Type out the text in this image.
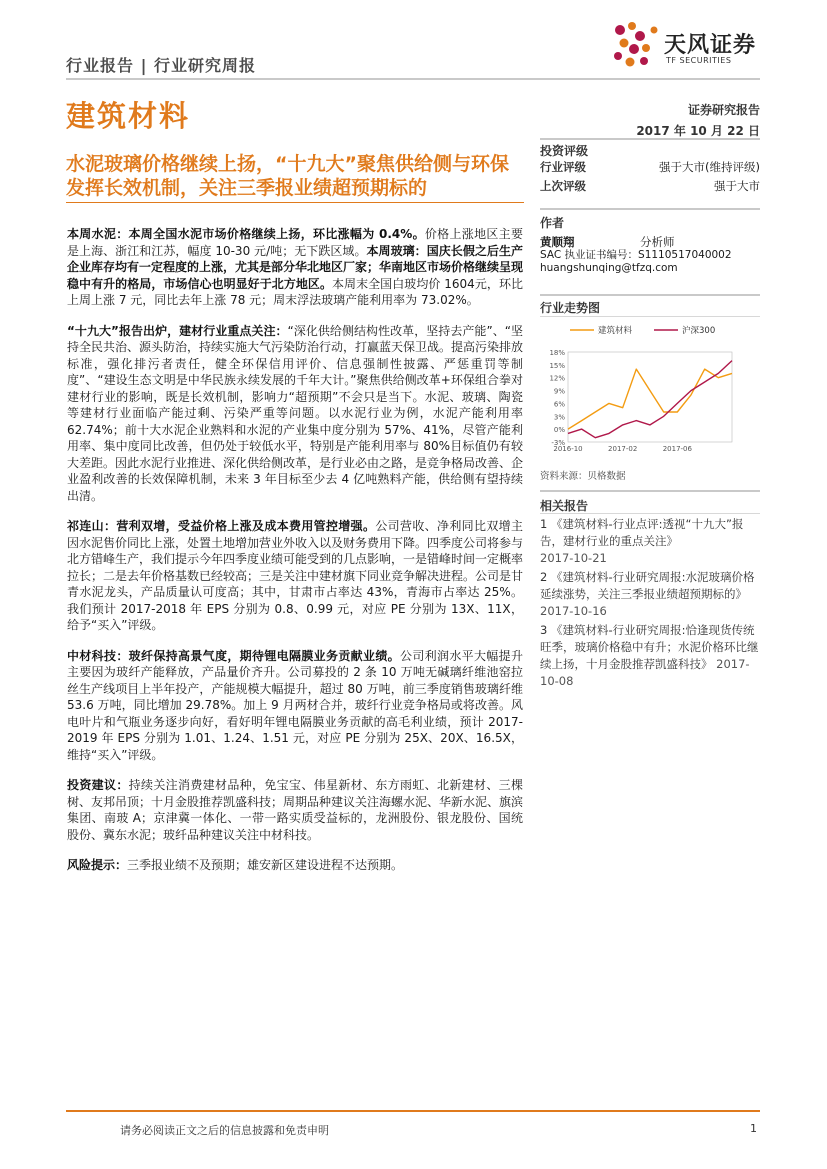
行业报告 | 行业研究周报
建筑材料
天风证券
TF SECURITIES
证券研究报告
2017 年 10 月 22 日
水泥玻璃价格继续上扬，“十九大”聚焦供给侧与环保发挥长效机制，关注三季报业绩超预期标的

本周水泥：本周全国水泥市场价格继续上扬，环比涨幅为 0.4%。价格上涨地区主要是上海、浙江和江苏，幅度 10-30 元/吨；无下跌区域。本周玻璃：国庆长假之后生产企业库存均有一定程度的上涨，尤其是部分华北地区厂家；华南地区市场价格继续呈现稳中有升的格局，市场信心也明显好于北方地区。本周末全国白玻均价 1604元，环比上周上涨 7 元，同比去年上涨 78 元；周末浮法玻璃产能利用率为 73.02%。

“十九大”报告出炉，建材行业重点关注：“深化供给侧结构性改革，坚持去产能”、“坚持全民共治、源头防治，持续实施大气污染防治行动，打赢蓝天保卫战。提高污染排放标准，强化排污者责任，健全环保信用评价、信息强制性披露、严惩重罚等制度”、“建设生态文明是中华民族永续发展的千年大计。”聚焦供给侧改革+环保组合拳对建材行业的影响，既是长效机制，影响力“超预期”不会只是当下。水泥、玻璃、陶瓷等建材行业面临产能过剩、污染严重等问题。以水泥行业为例，水泥产能利用率 62.74%；前十大水泥企业熟料和水泥的产业集中度分别为 57%、41%，尽管产能利用率、集中度同比改善，但仍处于较低水平，特别是产能利用率与 80%目标值仍有较大差距。因此水泥行业推进、深化供给侧改革，是行业必由之路，是竞争格局改善、企业盈利改善的长效保障机制，未来 3 年目标至少去 4 亿吨熟料产能，供给侧有望持续出清。

祁连山：营利双增，受益价格上涨及成本费用管控增强。公司营收、净利同比双增主因水泥售价同比上涨，处置土地增加营业外收入以及财务费用下降。四季度公司将参与北方错峰生产，我们提示今年四季度业绩可能受到的几点影响，一是错峰时间一定概率拉长；二是去年价格基数已经较高；三是关注中建材旗下同业竞争解决进程。公司是甘青水泥龙头，产品质量认可度高；其中，甘肃市占率达 43%，青海市占率达 25%。我们预计 2017-2018 年 EPS 分别为 0.8、0.99 元，对应 PE 分别为 13X、11X，给予“买入”评级。

中材科技：玻纤保持高景气度，期待锂电隔膜业务贡献业绩。公司利润水平大幅提升主要因为玻纤产能释放，产品量价齐升。公司募投的 2 条 10 万吨无碱璃纤维池窑拉丝生产线项目上半年投产，产能规模大幅提升，超过 80 万吨，前三季度销售玻璃纤维 53.6 万吨，同比增加 29.78%。加上 9 月两材合并，玻纤行业竞争格局或将改善。风电叶片和气瓶业务逐步向好，看好明年锂电隔膜业务贡献的高毛利业绩，预计 2017-2019 年 EPS 分别为 1.01、1.24、1.51 元，对应 PE 分别为 25X、20X、16.5X，维持“买入”评级。

投资建议：持续关注消费建材品种，免宝宝、伟星新材、东方雨虹、北新建材、三棵树、友邦吊顶；十月金股推荐凯盛科技；周期品种建议关注海螺水泥、华新水泥、旗滨集团、南玻 A；京津冀一体化、一带一路实质受益标的，龙洲股份、银龙股份、国统股份、冀东水泥；玻纤品种建议关注中材科技。

风险提示：三季报业绩不及预期；雄安新区建设进程不达预期。

投资评级
行业评级	强于大市(维持评级)
上次评级	强于大市
作者
黄顺翔	分析师
SAC 执业证书编号：S1110517040002
huangshunqing@tfzq.com
行业走势图
建筑材料	沪深300
18%
15%
12%
9%
6%
3%
0%
-3%
2016-10	2017-02	2017-06
资料来源：贝格数据
相关报告
1 《建筑材料-行业点评:透视“十九大”报告，建材行业的重点关注》
2017-10-21
2 《建筑材料-行业研究周报:水泥玻璃价格延续涨势，关注三季报业绩超预期标的》 2017-10-16
3 《建筑材料-行业研究周报:恰逢现货传统旺季，玻璃价格稳中有升；水泥价格环比继续上扬，十月金股推荐凯盛科技》 2017-10-08
请务必阅读正文之后的信息披露和免责申明	1
